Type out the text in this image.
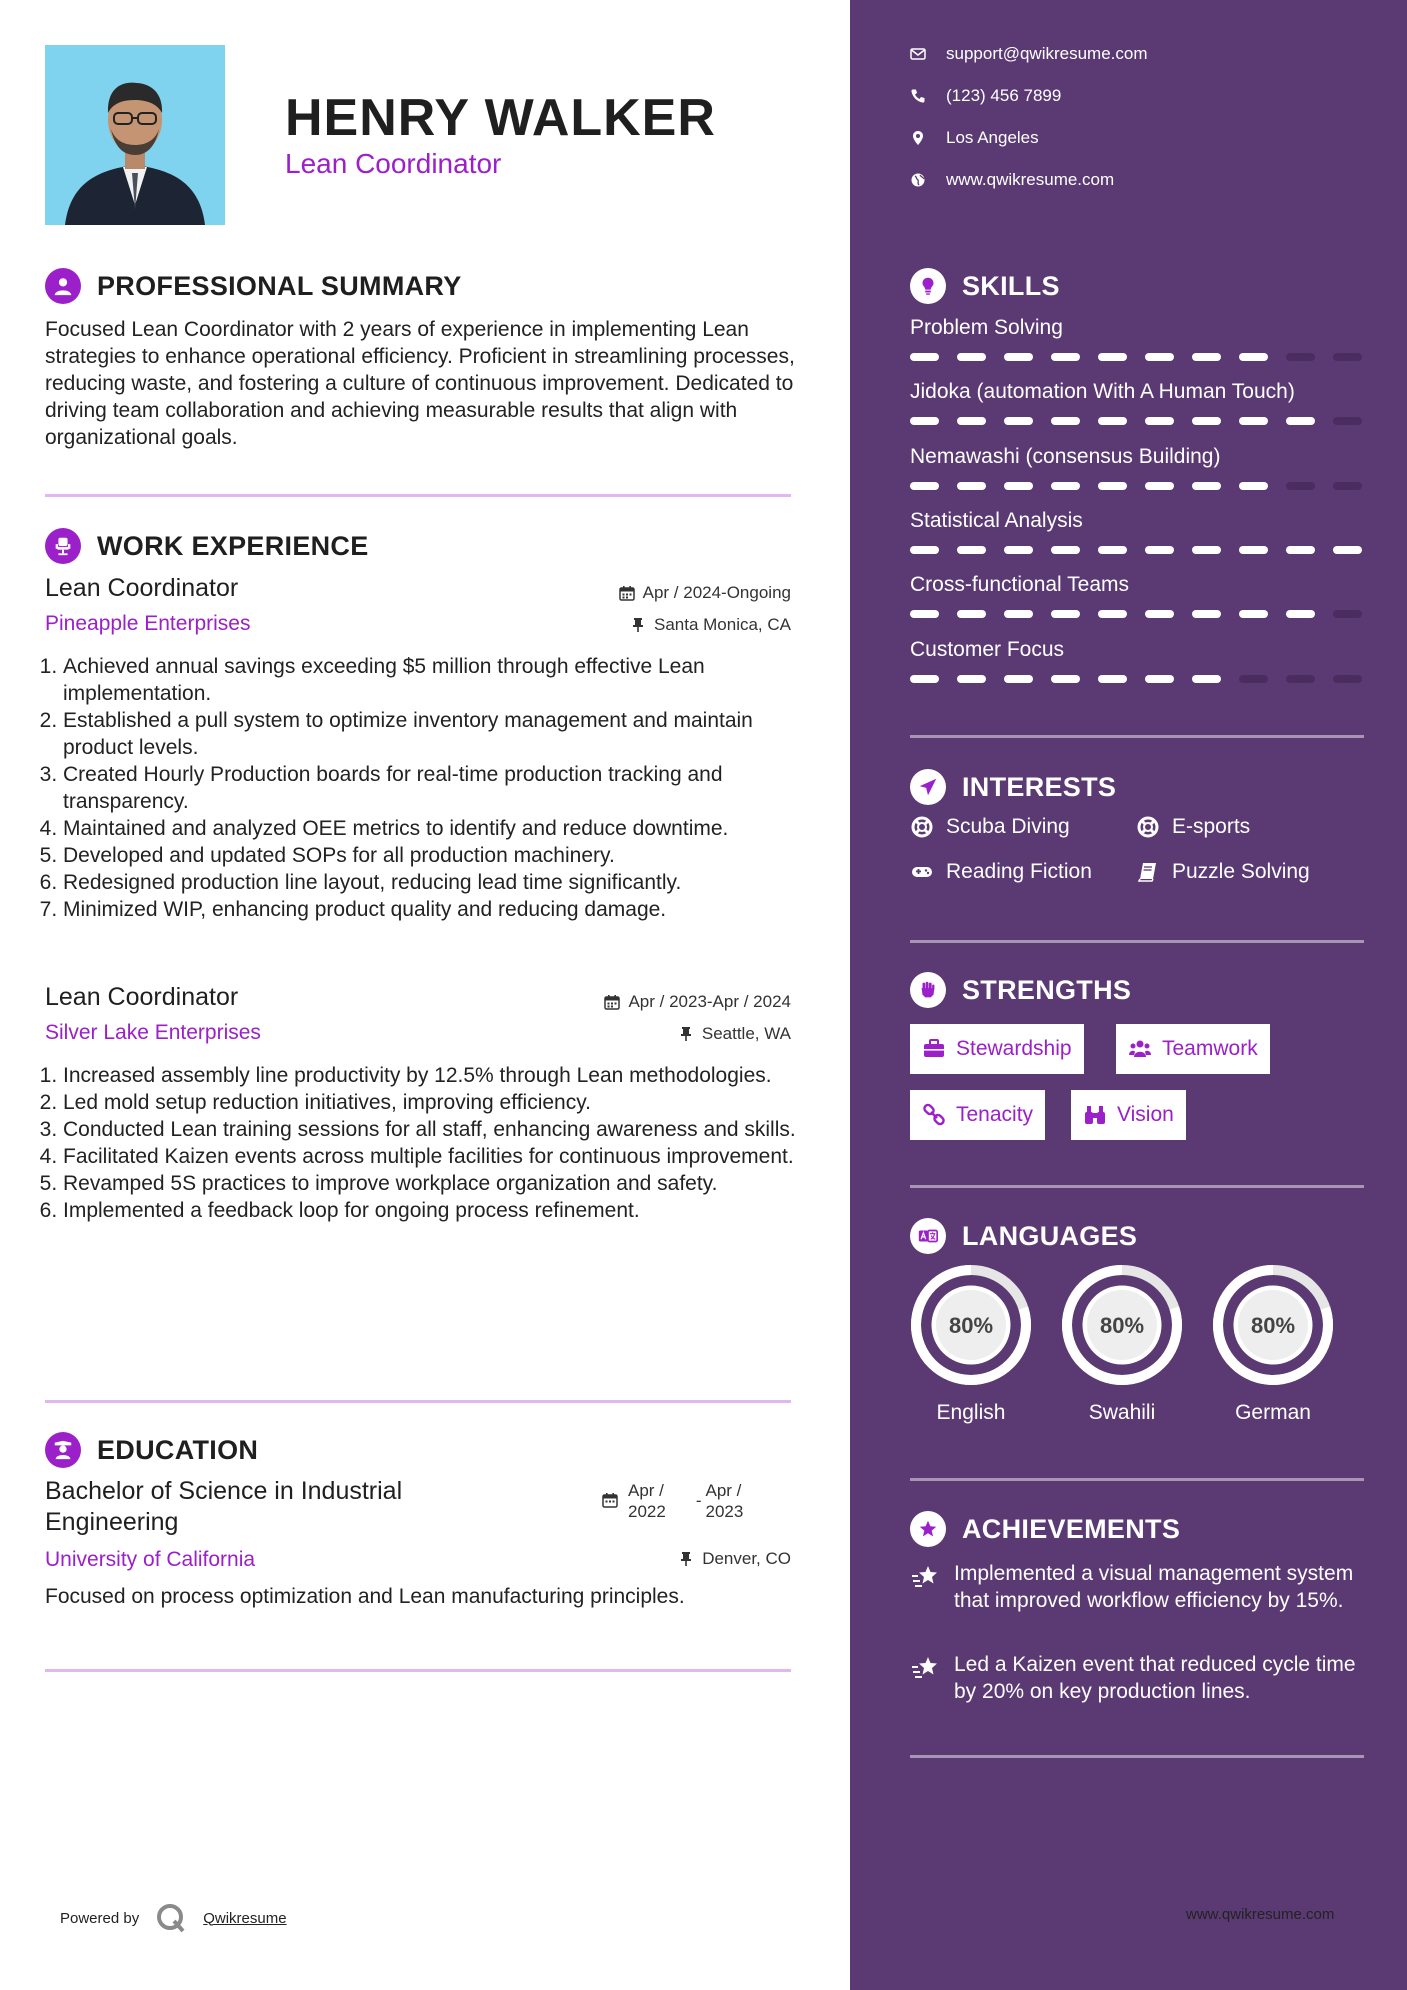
HENRY WALKER
Lean Coordinator
PROFESSIONAL SUMMARY
Focused Lean Coordinator with 2 years of experience in implementing Lean strategies to enhance operational efficiency. Proficient in streamlining processes, reducing waste, and fostering a culture of continuous improvement. Dedicated to driving team collaboration and achieving measurable results that align with organizational goals.
WORK EXPERIENCE
Lean Coordinator	Apr / 2024-Ongoing
Pineapple Enterprises	Santa Monica, CA
1. Achieved annual savings exceeding $5 million through effective Lean implementation.
2. Established a pull system to optimize inventory management and maintain product levels.
3. Created Hourly Production boards for real-time production tracking and transparency.
4. Maintained and analyzed OEE metrics to identify and reduce downtime.
5. Developed and updated SOPs for all production machinery.
6. Redesigned production line layout, reducing lead time significantly.
7. Minimized WIP, enhancing product quality and reducing damage.
Lean Coordinator	Apr / 2023-Apr / 2024
Silver Lake Enterprises	Seattle, WA
1. Increased assembly line productivity by 12.5% through Lean methodologies.
2. Led mold setup reduction initiatives, improving efficiency.
3. Conducted Lean training sessions for all staff, enhancing awareness and skills.
4. Facilitated Kaizen events across multiple facilities for continuous improvement.
5. Revamped 5S practices to improve workplace organization and safety.
6. Implemented a feedback loop for ongoing process refinement.
EDUCATION
Bachelor of Science in Industrial
Engineering
Apr /
2022
-
Apr /
2023
University of California	Denver, CO
Focused on process optimization and Lean manufacturing principles.
Powered by	Qwikresume
support@qwikresume.com
(123) 456 7899
Los Angeles
www.qwikresume.com
SKILLS
Problem Solving
Jidoka (automation With A Human Touch)
Nemawashi (consensus Building)
Statistical Analysis
Cross-functional Teams
Customer Focus
INTERESTS
Scuba Diving	E-sports
Reading Fiction	Puzzle Solving
STRENGTHS
Stewardship	Teamwork
Tenacity	Vision
LANGUAGES
80%
English
80%
Swahili
80%
German
ACHIEVEMENTS
Implemented a visual management system that improved workflow efficiency by 15%.
Led a Kaizen event that reduced cycle time by 20% on key production lines.
www.qwikresume.com
